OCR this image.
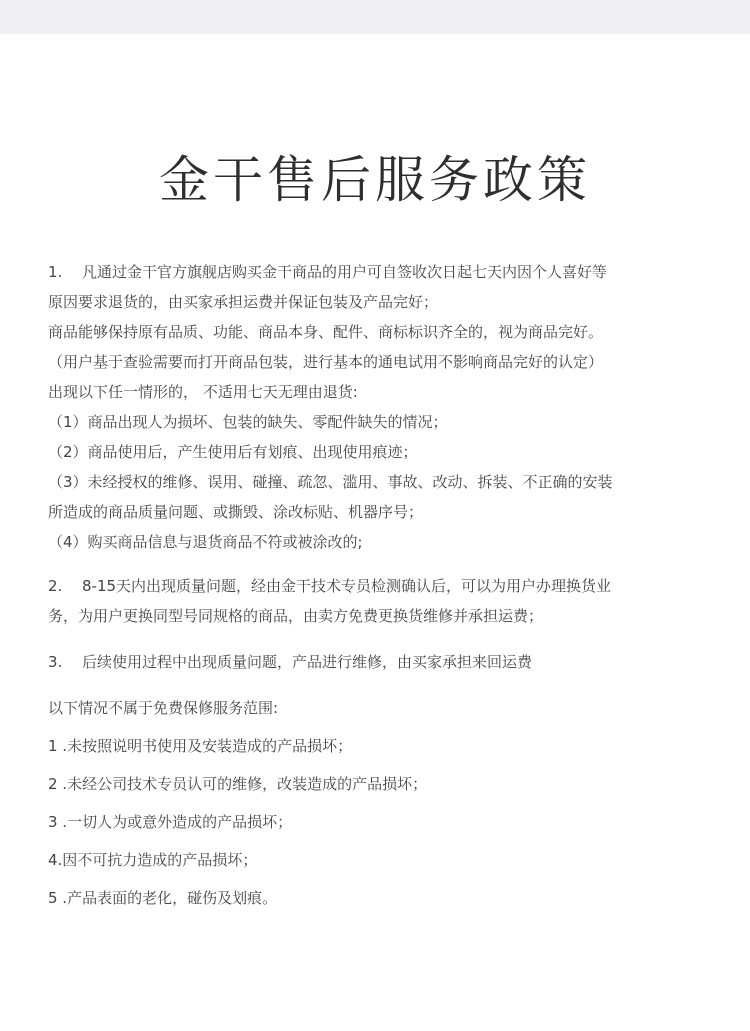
金干售后服务政策
1. 凡通过金干官方旗舰店购买金干商品的用户可自签收次日起七天内因个人喜好等
原因要求退货的，由买家承担运费并保证包装及产品完好；
商品能够保持原有品质、功能、商品本身、配件、商标标识齐全的，视为商品完好。
（用户基于查验需要而打开商品包装，进行基本的通电试用不影响商品完好的认定）
出现以下任一情形的， 不适用七天无理由退货:
（1）商品出现人为损坏、包装的缺失、零配件缺失的情况；
（2）商品使用后，产生使用后有划痕、出现使用痕迹；
（3）未经授权的维修、误用、碰撞、疏忽、滥用、事故、改动、拆装、不正确的安装
所造成的商品质量问题、或撕毁、涂改标贴、机器序号；
（4）购买商品信息与退货商品不符或被涂改的;
2. 8-15天内出现质量问题，经由金干技术专员检测确认后，可以为用户办理换货业
务，为用户更换同型号同规格的商品，由卖方免费更换货维修并承担运费；
3. 后续使用过程中出现质量问题，产品进行维修，由买家承担来回运费
以下情况不属于免费保修服务范围:
1 .未按照说明书使用及安装造成的产品损坏；
2 .未经公司技术专员认可的维修，改装造成的产品损坏；
3 .一切人为或意外造成的产品损坏；
4.因不可抗力造成的产品损坏；
5 .产品表面的老化，碰伤及划痕。
